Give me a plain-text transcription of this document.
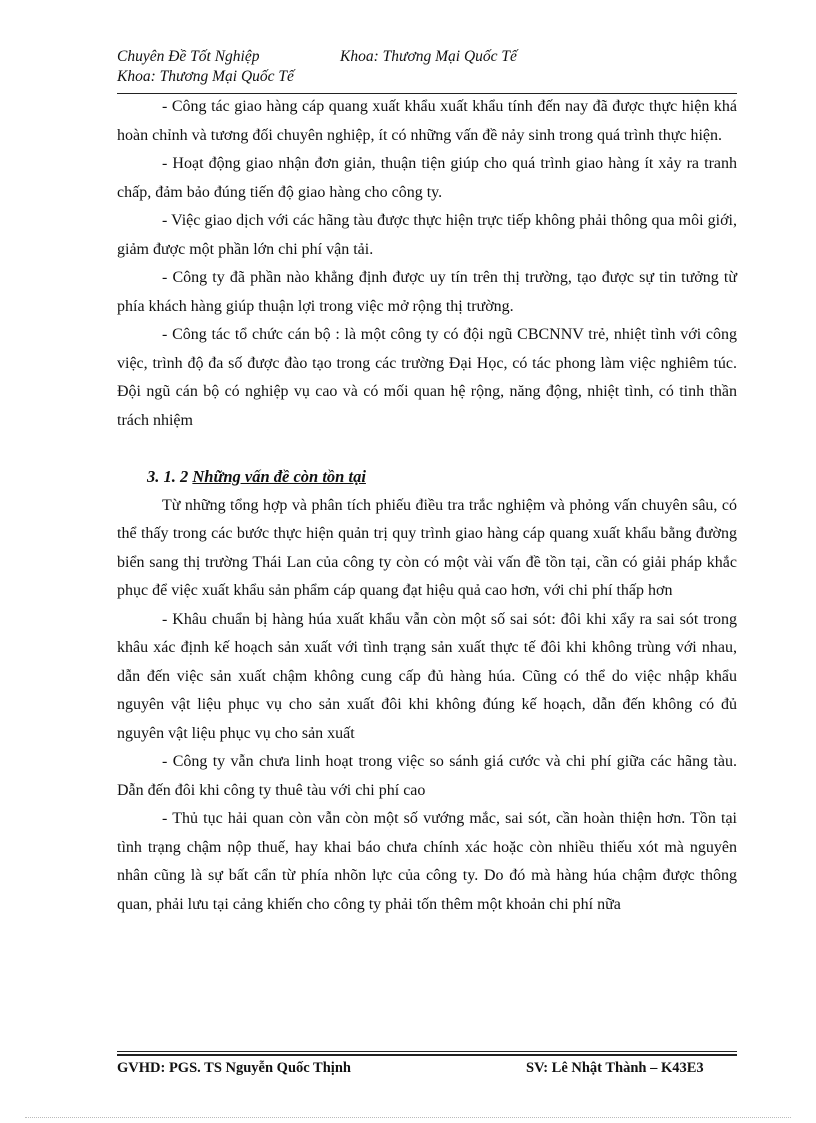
Chuyên Đề Tốt Nghiệp	Khoa: Thương Mại Quốc Tế
Khoa: Thương Mại Quốc Tế

- Công tác giao hàng cáp quang xuất khẩu xuất khẩu tính đến nay đã được thực hiện khá hoàn chỉnh và tương đối chuyên nghiệp, ít có những vấn đề nảy sinh trong quá trình thực hiện.

- Hoạt động giao nhận đơn giản, thuận tiện giúp cho quá trình giao hàng ít xảy ra tranh chấp, đảm bảo đúng tiến độ giao hàng cho công ty.

- Việc giao dịch với các hãng tàu được thực hiện trực tiếp không phải thông qua môi giới, giảm được một phần lớn chi phí vận tải.

- Công ty đã phần nào khẳng định được uy tín trên thị trường, tạo được sự tin tưởng từ phía khách hàng giúp thuận lợi trong việc mở rộng thị trường.

- Công tác tổ chức cán bộ : là một công ty có đội ngũ CBCNNV trẻ, nhiệt tình với công việc, trình độ đa số được đào tạo trong các trường Đại Học, có tác phong làm việc nghiêm túc. Đội ngũ cán bộ có nghiệp vụ cao và có mối quan hệ rộng, năng động, nhiệt tình, có tinh thần trách nhiệm

3. 1. 2 Những vấn đề còn tồn tại

Từ những tổng hợp và phân tích phiếu điều tra trắc nghiệm và phỏng vấn chuyên sâu, có thể thấy trong các bước thực hiện quản trị quy trình giao hàng cáp quang xuất khẩu bằng đường biển sang thị trường Thái Lan của công ty còn có một vài vấn đề tồn tại, cần có giải pháp khắc phục để việc xuất khẩu sản phẩm cáp quang đạt hiệu quả cao hơn, với chi phí thấp hơn

- Khâu chuẩn bị hàng húa xuất khẩu vẫn còn một số sai sót: đôi khi xẩy ra sai sót trong khâu xác định kế hoạch sản xuất với tình trạng sản xuất thực tế đôi khi không trùng với nhau, dẫn đến việc sản xuất chậm không cung cấp đủ hàng húa. Cũng có thể do việc nhập khẩu nguyên vật liệu phục vụ cho sản xuất đôi khi không đúng kế hoạch, dẫn đến không có đủ nguyên vật liệu phục vụ cho sản xuất

- Công ty vẫn chưa linh hoạt trong việc so sánh giá cước và chi phí giữa các hãng tàu. Dẫn đến đôi khi công ty thuê tàu với chi phí cao

- Thủ tục hải quan còn vẫn còn một số vướng mắc, sai sót, cần hoàn thiện hơn. Tồn tại tình trạng chậm nộp thuế, hay khai báo chưa chính xác hoặc còn nhiều thiếu xót mà nguyên nhân cũng là sự bất cẩn từ phía nhõn lực của công ty. Do đó mà hàng húa chậm được thông quan, phải lưu tại cảng khiến cho công ty phải tốn thêm một khoản chi phí nữa

GVHD: PGS. TS Nguyễn Quốc Thịnh	SV: Lê Nhật Thành – K43E3
